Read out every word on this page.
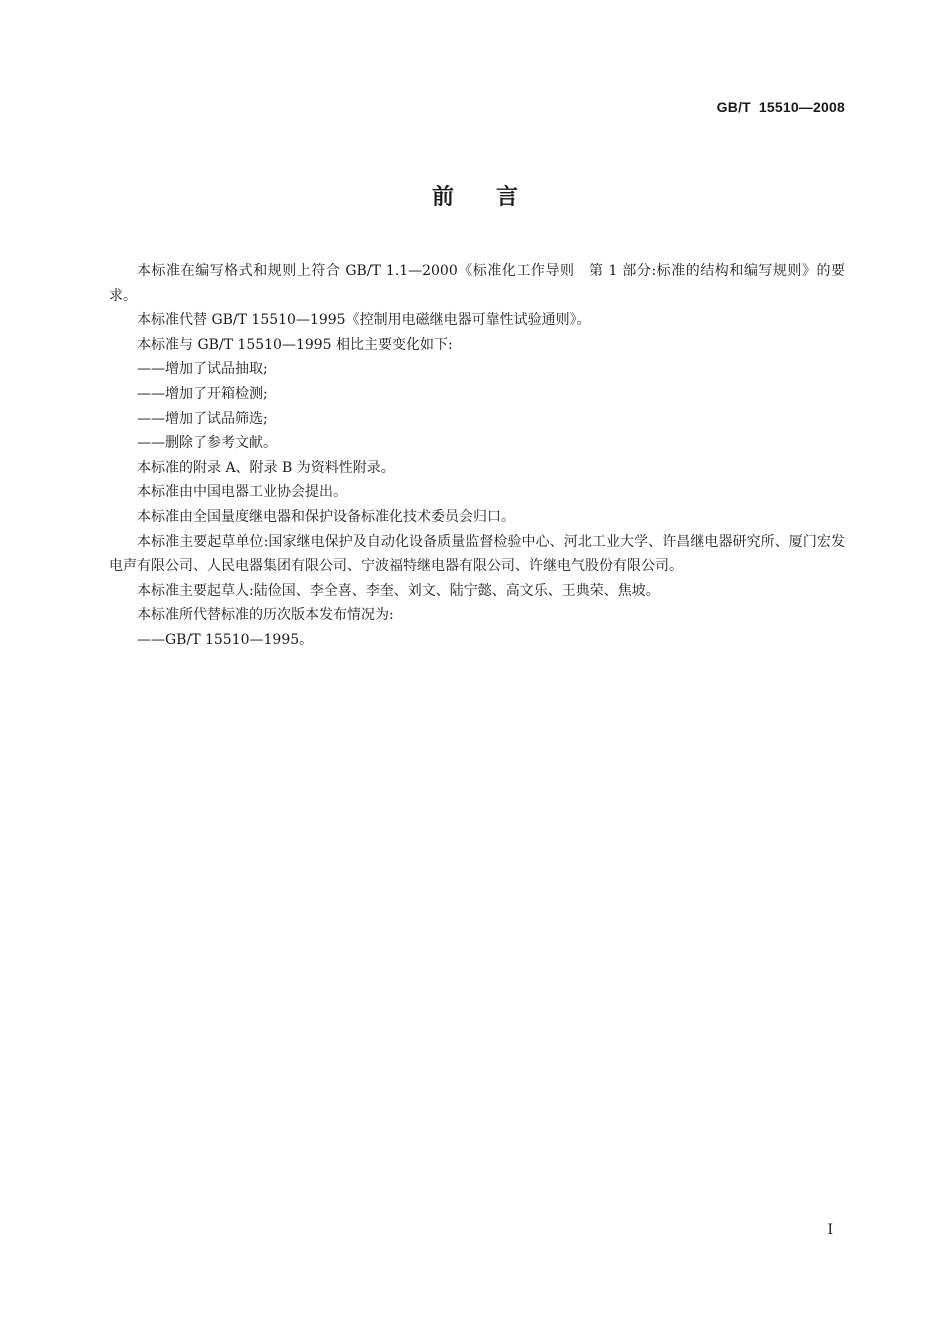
GB/T 15510—2008
前 言

本标准在编写格式和规则上符合 GB/T 1.1—2000《标准化工作导则　第 1 部分:标准的结构和编写规则》的要求。

本标准代替 GB/T 15510—1995《控制用电磁继电器可靠性试验通则》。

本标准与 GB/T 15510—1995 相比主要变化如下:

——增加了试品抽取;

——增加了开箱检测;

——增加了试品筛选;

——删除了参考文献。

本标准的附录 A、附录 B 为资料性附录。

本标准由中国电器工业协会提出。

本标准由全国量度继电器和保护设备标准化技术委员会归口。

本标准主要起草单位:国家继电保护及自动化设备质量监督检验中心、河北工业大学、许昌继电器研究所、厦门宏发电声有限公司、人民电器集团有限公司、宁波福特继电器有限公司、许继电气股份有限公司。

本标准主要起草人:陆俭国、李全喜、李奎、刘文、陆宁懿、高文乐、王典荣、焦坡。

本标准所代替标准的历次版本发布情况为:

——GB/T 15510—1995。

I
